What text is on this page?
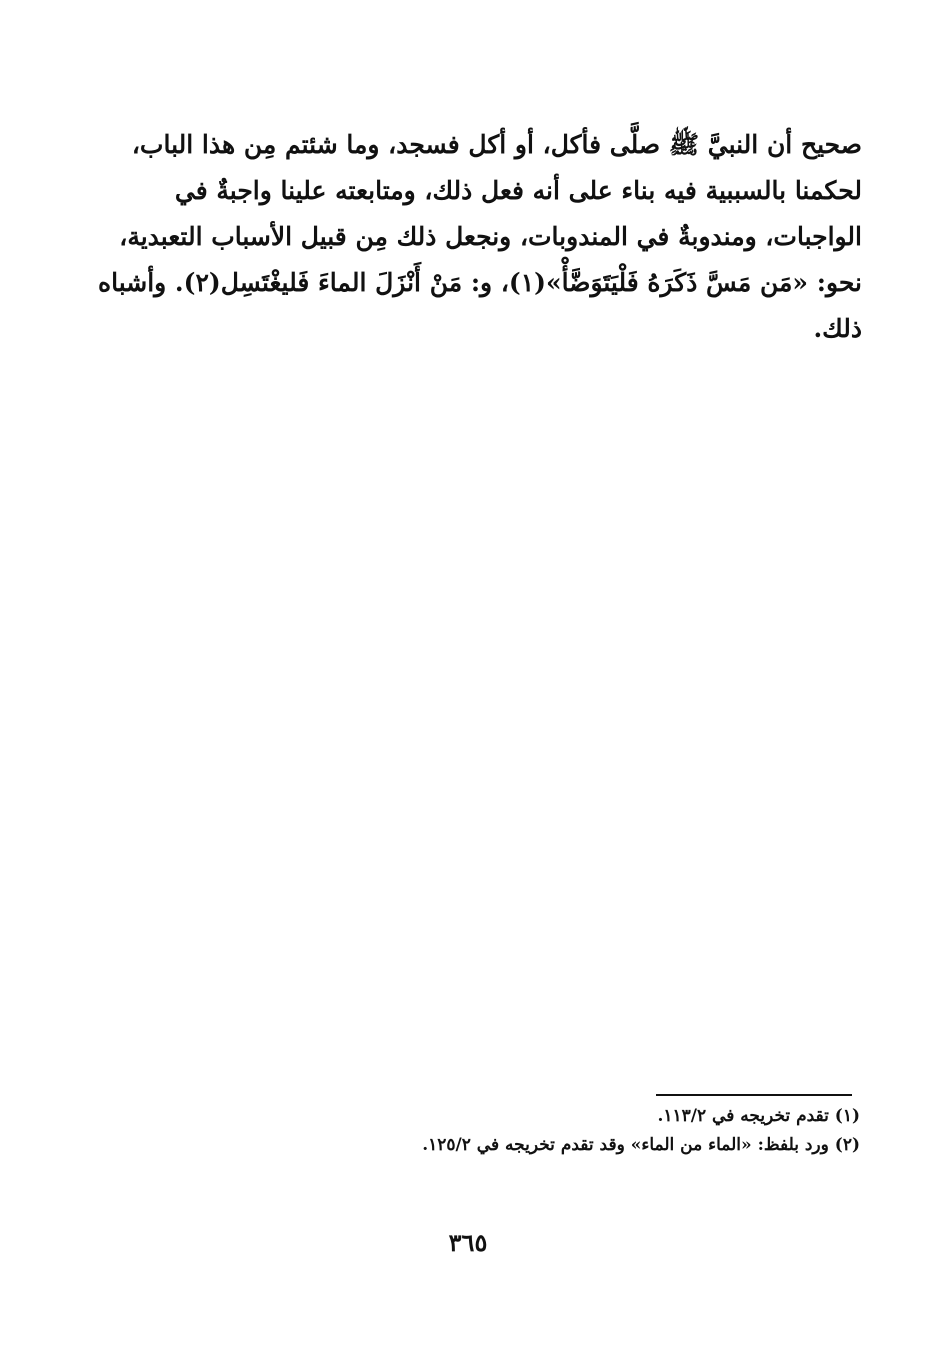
صحيح أن النبيَّ ﷺ صلَّى فأكل، أو أكل فسجد، وما شئتم مِن هذا الباب،
لحكمنا بالسببية فيه بناء على أنه فعل ذلك، ومتابعته علينا واجبةٌ في
الواجبات، ومندوبةٌ في المندوبات، ونجعل ذلك مِن قبيل الأسباب التعبدية،
نحو: «مَن مَسَّ ذَكَرَهُ فَلْيَتَوَضَّأْ»(١)، و: مَنْ أَنْزَلَ الماءَ فَليغْتَسِل(٢). وأشباه
ذلك.
(١) تقدم تخريجه في ١١٣/٢.
(٢) ورد بلفظ: «الماء من الماء» وقد تقدم تخريجه في ١٢٥/٢.
٣٦٥
